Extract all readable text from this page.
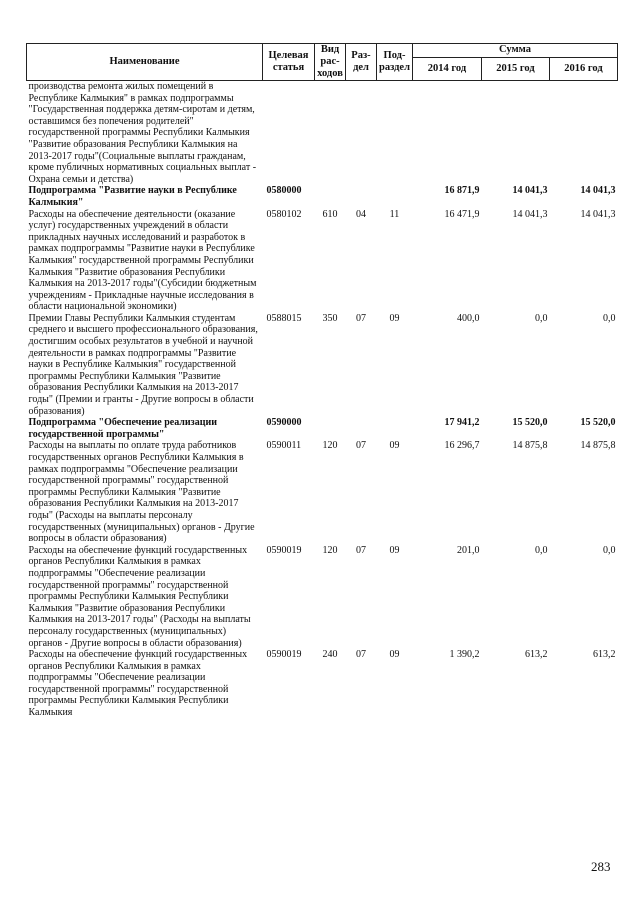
Наименование	Целевая статья	Вид рас- ходов	Раз- дел	Под- раздел	Сумма		
					2014 год	2015 год	2016 год
производства ремонта жилых помещений в Республике Калмыкия" в рамках подпрограммы "Государственная поддержка детям-сиротам и детям, оставшимся без попечения родителей" государственной программы Республики Калмыкия "Развитие образования Республики Калмыкия на 2013-2017 годы"(Социальные выплаты гражданам, кроме публичных нормативных социальных выплат - Охрана семьи и детства)							
Подпрограмма "Развитие науки в Республике Калмыкия"	0580000				16 871,9	14 041,3	14 041,3
Расходы на обеспечение деятельности (оказание услуг) государственных учреждений в области прикладных научных исследований и разработок в рамках подпрограммы "Развитие науки в Республике Калмыкия" государственной программы Республики Калмыкия "Развитие образования Республики Калмыкия на 2013-2017 годы"(Субсидии бюджетным учреждениям - Прикладные научные исследования в области национальной экономики)	0580102	610	04	11	16 471,9	14 041,3	14 041,3
Премии Главы Республики Калмыкия студентам среднего и высшего профессионального образования, достигшим особых результатов в учебной и научной деятельности в рамках подпрограммы "Развитие науки в Республике Калмыкия" государственной программы Республики Калмыкия "Развитие образования Республики Калмыкия на 2013-2017 годы" (Премии и гранты - Другие вопросы в области образования)	0588015	350	07	09	400,0	0,0	0,0
Подпрограмма "Обеспечение реализации государственной программы"	0590000				17 941,2	15 520,0	15 520,0
Расходы на выплаты по оплате труда работников государственных органов Республики Калмыкия в рамках подпрограммы "Обеспечение реализации государственной программы" государственной программы Республики Калмыкия "Развитие образования Республики Калмыкия на 2013-2017 годы" (Расходы на выплаты персоналу государственных (муниципальных) органов - Другие вопросы в области образования)	0590011	120	07	09	16 296,7	14 875,8	14 875,8
Расходы на обеспечение функций государственных органов Республики Калмыкия в рамках подпрограммы "Обеспечение реализации государственной программы" государственной программы Республики Калмыкия Республики Калмыкия "Развитие образования Республики Калмыкия на 2013-2017 годы" (Расходы на выплаты персоналу государственных (муниципальных) органов - Другие вопросы в области образования)	0590019	120	07	09	201,0	0,0	0,0
Расходы на обеспечение функций государственных органов Республики Калмыкия в рамках подпрограммы "Обеспечение реализации государственной программы" государственной программы Республики Калмыкия Республики Калмыкия	0590019	240	07	09	1 390,2	613,2	613,2
283
